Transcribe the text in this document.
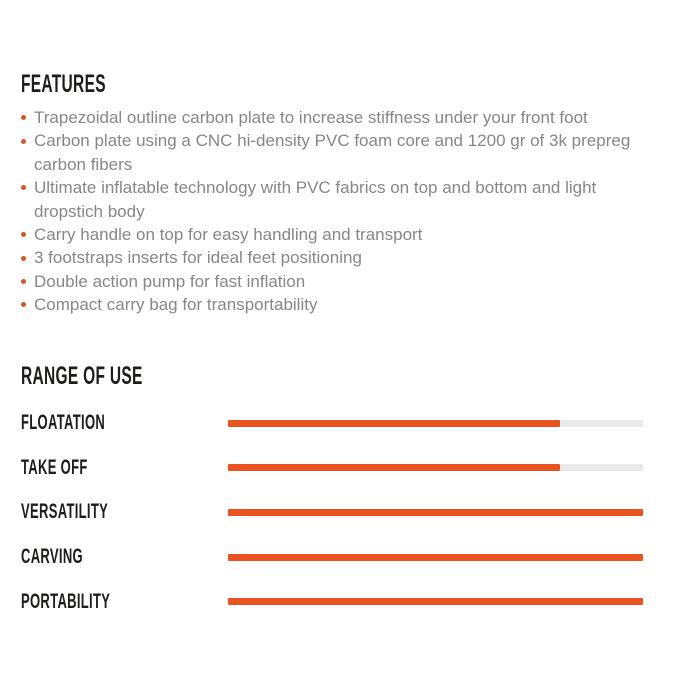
FEATURES
Trapezoidal outline carbon plate to increase stiffness under your front foot
Carbon plate using a CNC hi-density PVC foam core and 1200 gr of 3k prepreg carbon fibers
Ultimate inflatable technology with PVC fabrics on top and bottom and light dropstich body
Carry handle on top for easy handling and transport
3 footstraps inserts for ideal feet positioning
Double action pump for fast inflation
Compact carry bag for transportability
RANGE OF USE
FLOATATION
TAKE OFF
VERSATILITY
CARVING
PORTABILITY
